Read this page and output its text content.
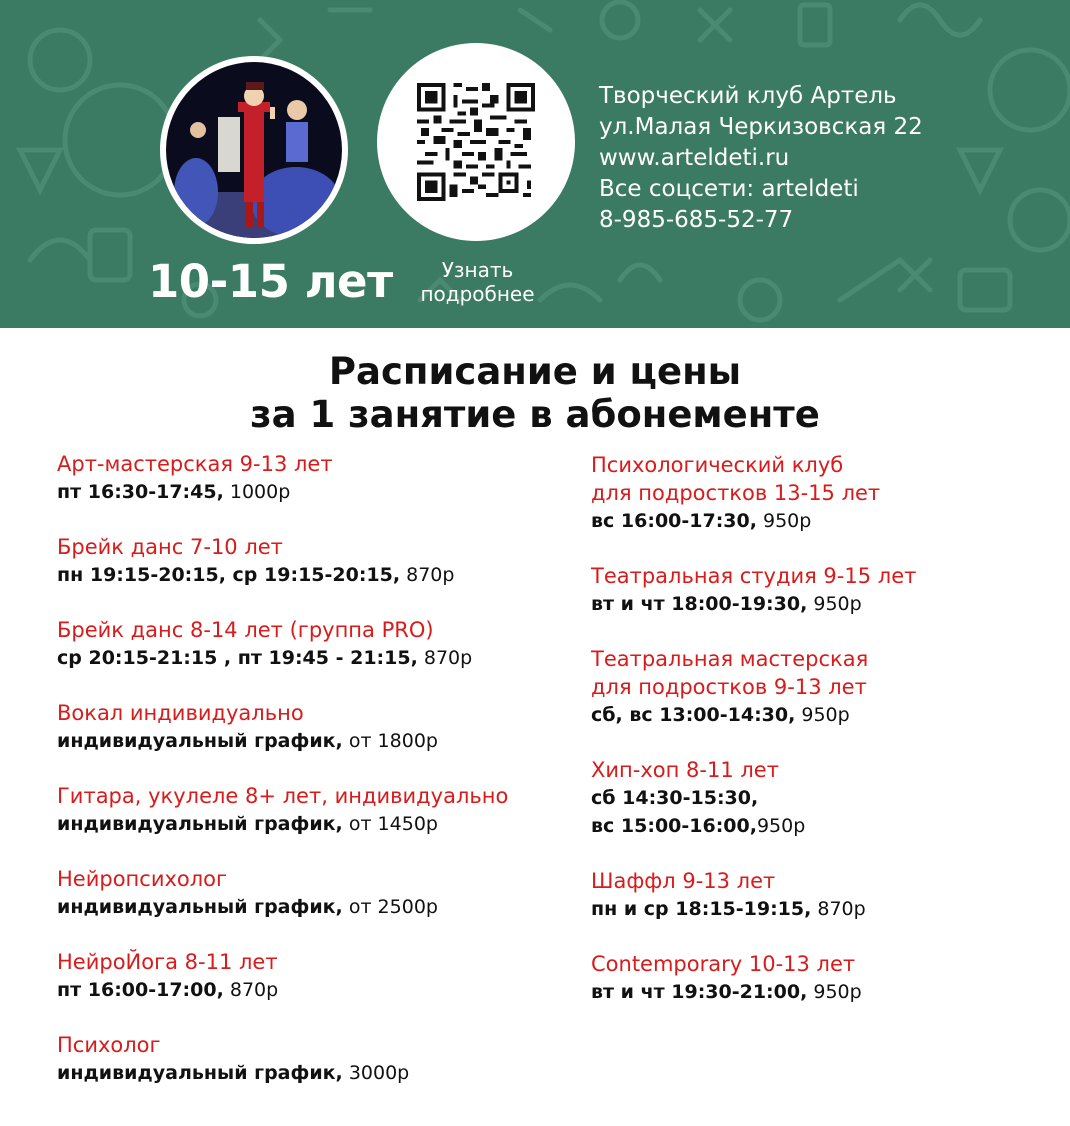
10-15 лет	Узнать
подробнее
Творческий клуб Артель
ул.Малая Черкизовская 22
www.arteldeti.ru
Все соцсети: arteldeti
8-985-685-52-77
Расписание и цены
за 1 занятие в абонементе
Арт-мастерская 9-13 лет
пт 16:30-17:45, 1000р
Брейк данс 7-10 лет
пн 19:15-20:15, ср 19:15-20:15, 870р
Брейк данс 8-14 лет (группа PRO)
ср 20:15-21:15 , пт 19:45 - 21:15, 870р
Вокал индивидуально
индивидуальный график, от 1800р
Гитара, укулеле 8+ лет, индивидуально
индивидуальный график, от 1450р
Нейропсихолог
индивидуальный график, от 2500р
НейроЙога 8-11 лет
пт 16:00-17:00, 870р
Психолог
индивидуальный график, 3000р
Психологический клуб
для подростков 13-15 лет
вс 16:00-17:30, 950р
Театральная студия 9-15 лет
вт и чт 18:00-19:30, 950р
Театральная мастерская
для подростков 9-13 лет
сб, вс 13:00-14:30, 950р
Хип-хоп 8-11 лет
сб 14:30-15:30,
вс 15:00-16:00,950р
Шаффл 9-13 лет
пн и ср 18:15-19:15, 870р
Contemporary 10-13 лет
вт и чт 19:30-21:00, 950р
